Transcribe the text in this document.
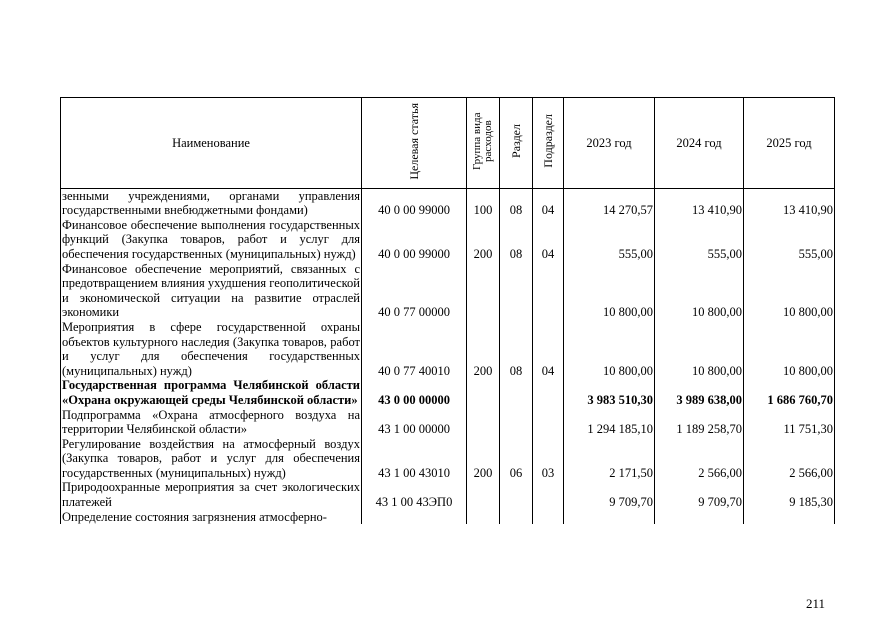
Наименование	Целевая статья	Группа вида расходов	Раздел	Подраздел	2023 год	2024 год	2025 год
зенными учреждениями, органами управления государственными внебюджетными фондами)	40 0 00 99000	100	08	04	14 270,57	13 410,90	13 410,90
Финансовое обеспечение выполнения государственных функций (Закупка товаров, работ и услуг для обеспечения государственных (муниципальных) нужд)	40 0 00 99000	200	08	04	555,00	555,00	555,00
Финансовое обеспечение мероприятий, связанных с предотвращением влияния ухудшения геополитической и экономической ситуации на развитие отраслей экономики	40 0 77 00000				10 800,00	10 800,00	10 800,00
Мероприятия в сфере государственной охраны объектов культурного наследия (Закупка товаров, работ и услуг для обеспечения государственных (муниципальных) нужд)	40 0 77 40010	200	08	04	10 800,00	10 800,00	10 800,00
Государственная программа Челябинской области «Охрана окружающей среды Челябинской области»	43 0 00 00000				3 983 510,30	3 989 638,00	1 686 760,70
Подпрограмма «Охрана атмосферного воздуха на территории Челябинской области»	43 1 00 00000				1 294 185,10	1 189 258,70	11 751,30
Регулирование воздействия на атмосферный воздух (Закупка товаров, работ и услуг для обеспечения государственных (муниципальных) нужд)	43 1 00 43010	200	06	03	2 171,50	2 566,00	2 566,00
Природоохранные мероприятия за счет экологических платежей	43 1 00 43ЭП0				9 709,70	9 709,70	9 185,30
Определение состояния загрязнения атмосферно-							
211
